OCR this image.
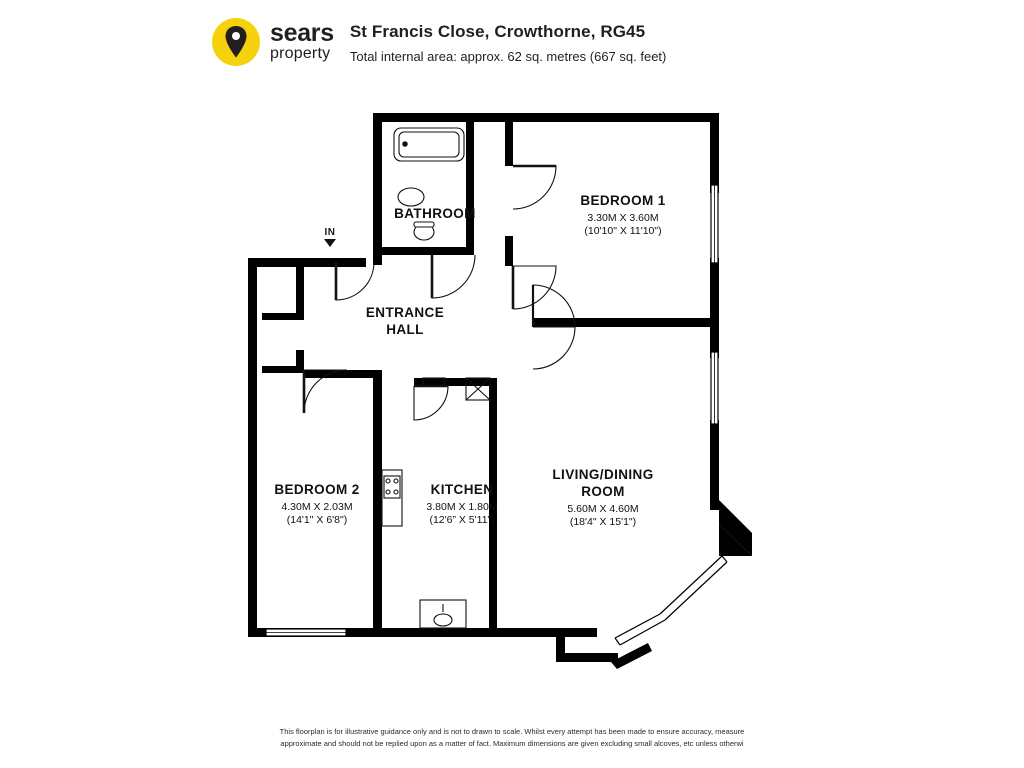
sears
property
St Francis Close, Crowthorne, RG45
Total internal area: approx. 62 sq. metres (667 sq. feet)
BATHROOM
BEDROOM 1
3.30M X 3.60M
(10'10" X 11'10")
ENTRANCE
HALL
BEDROOM 2
4.30M X 2.03M
(14'1" X 6'8")
KITCHEN
3.80M X 1.80M
(12'6” X 5'11”)
LIVING/DINING
ROOM
5.60M X 4.60M
(18'4" X 15'1")
IN
This floorplan is for illustrative guidance only and is not to drawn to scale. Whilst every attempt has been made to ensure accuracy, measure
approximate and should not be replied upon as a matter of fact. Maximum dimensions are given excluding small alcoves, etc unless otherwi
